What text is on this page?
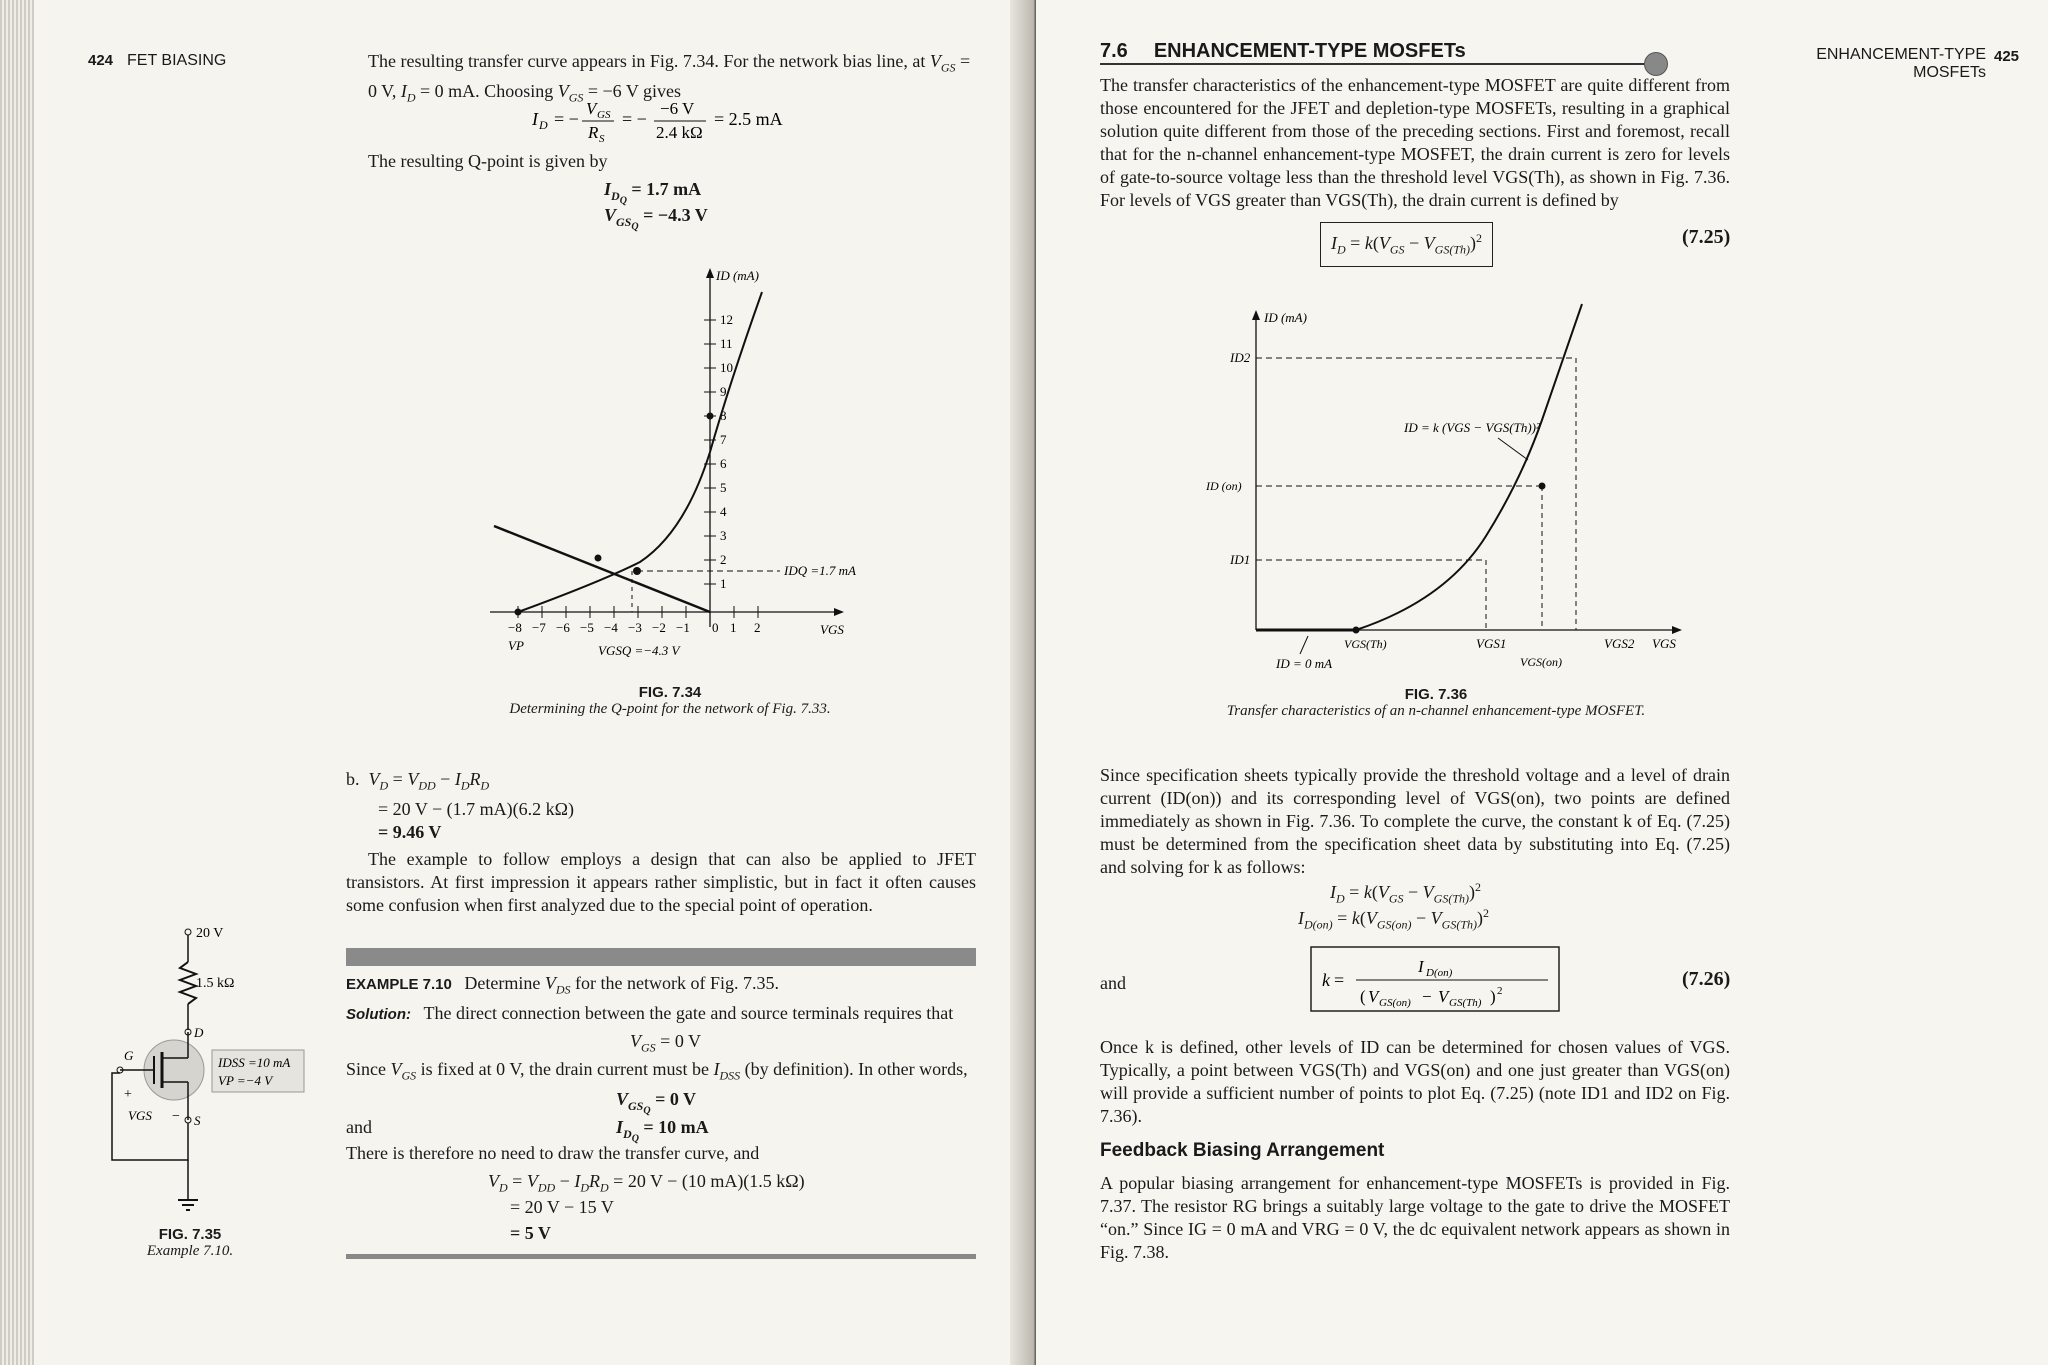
424 FET BIASING	The resulting transfer curve appears in Fig. 7.34. For the network bias line, at $V_{GS}$ =
0 V, $I_D = 0$ mA. Choosing $V_{GS} = -6$ V gives
I D = −
V GS
R S
= −
−6 V
2.4 kΩ
= 2.5 mA
The resulting Q-point is given by
$I_{D_Q} = 1.7$ mA
$V_{GS_Q} = -4.3$ V
ID (mA)
VGS
12
11
10
9
8
7
6
5
4
3
2
1
−8 −7 −6 −5 −4 −3 −2 −1 0 1 2
IDQ =1.7 mA
VP	VGSQ =−4.3 V
FIG. 7.34
Determining the Q-point for the network of Fig. 7.33.
b.  $V_D = V_{DD} - I_DR_D$
= 20 V − (1.7 mA)(6.2 kΩ)
= 9.46 V
The example to follow employs a design that can also be applied to JFET transistors. At first impression it appears rather simplistic, but in fact it often causes some confusion when first analyzed due to the special point of operation.
EXAMPLE 7.10 Determine $V_{DS}$ for the network of Fig. 7.35.
Solution: The direct connection between the gate and source terminals requires that
$V_{GS} = 0$ V
Since $V_{GS}$ is fixed at 0 V, the drain current must be $I_{DSS}$ (by definition). In other words,
$V_{GS_Q} = 0$ V
and	$I_{D_Q} = 10$ mA
There is therefore no need to draw the transfer curve, and
$V_D = V_{DD} - I_DR_D = 20$ V − (10 mA)(1.5 kΩ)
= 20 V − 15 V
= 5 V
20 V
1.5 kΩ
D
G
S
VGS
+
−
IDSS =10 mA
VP =−4 V
FIG. 7.35
Example 7.10.
ENHANCEMENT-TYPE
MOSFETs
425
7.6 ENHANCEMENT-TYPE MOSFETs
The transfer characteristics of the enhancement-type MOSFET are quite different from those encountered for the JFET and depletion-type MOSFETs, resulting in a graphical solution quite different from those of the preceding sections. First and foremost, recall that for the n-channel enhancement-type MOSFET, the drain current is zero for levels of gate-to-source voltage less than the threshold level VGS(Th), as shown in Fig. 7.36. For levels of VGS greater than VGS(Th), the drain current is defined by
$I_D = k(V_{GS} - V_{GS(Th)})^2$	(7.25)
ID (mA)
ID2
ID (on)
ID1
ID = k (VGS − VGS(Th))²
ID = 0 mA
VGS(Th)	VGS1
VGS(on)
VGS2 VGS
FIG. 7.36
Transfer characteristics of an n-channel enhancement-type MOSFET.
Since specification sheets typically provide the threshold voltage and a level of drain current (ID(on)) and its corresponding level of VGS(on), two points are defined immediately as shown in Fig. 7.36. To complete the curve, the constant k of Eq. (7.25) must be determined from the specification sheet data by substituting into Eq. (7.25) and solving for k as follows:
$I_D = k(V_{GS} - V_{GS(Th)})^2$
$I_{D(on)} = k(V_{GS(on)} - V_{GS(Th)})^2$
and	k =
I D(on)
( V GS(on) − V GS(Th) ) 2
(7.26)
Once k is defined, other levels of ID can be determined for chosen values of VGS. Typically, a point between VGS(Th) and VGS(on) and one just greater than VGS(on) will provide a sufficient number of points to plot Eq. (7.25) (note ID1 and ID2 on Fig. 7.36).
Feedback Biasing Arrangement
A popular biasing arrangement for enhancement-type MOSFETs is provided in Fig. 7.37. The resistor RG brings a suitably large voltage to the gate to drive the MOSFET “on.” Since IG = 0 mA and VRG = 0 V, the dc equivalent network appears as shown in Fig. 7.38.
